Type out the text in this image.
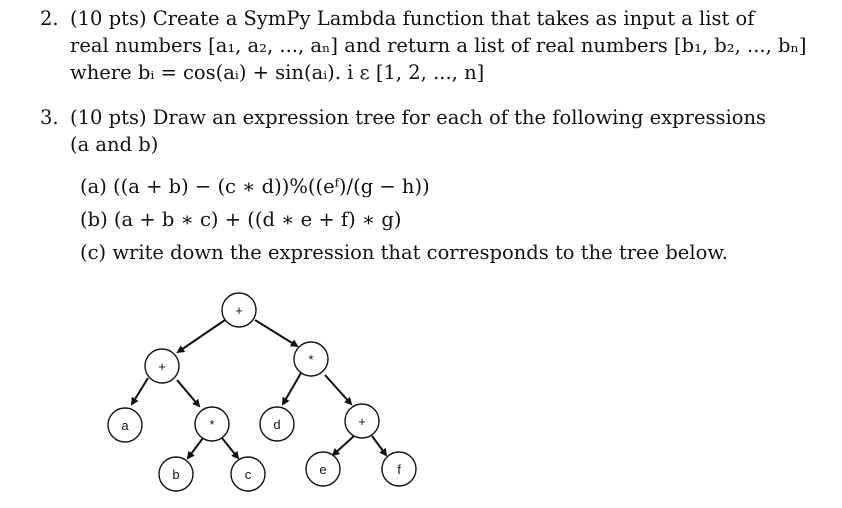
2. (10 pts) Create a SymPy Lambda function that takes as input a list of
real numbers [a₁, a₂, ..., aₙ] and return a list of real numbers [b₁, b₂, ..., bₙ]
where bᵢ = cos(aᵢ) + sin(aᵢ). i ε [1, 2, ..., n]
3. (10 pts) Draw an expression tree for each of the following expressions
(a and b)
(a) ((a + b) − (c ∗ d))%((eᶠ)/(g − h))
(b) (a + b ∗ c) + ((d ∗ e + f) ∗ g)
(c) write down the expression that corresponds to the tree below.
+
+	*
a	*	d	+
b	c	e	f
